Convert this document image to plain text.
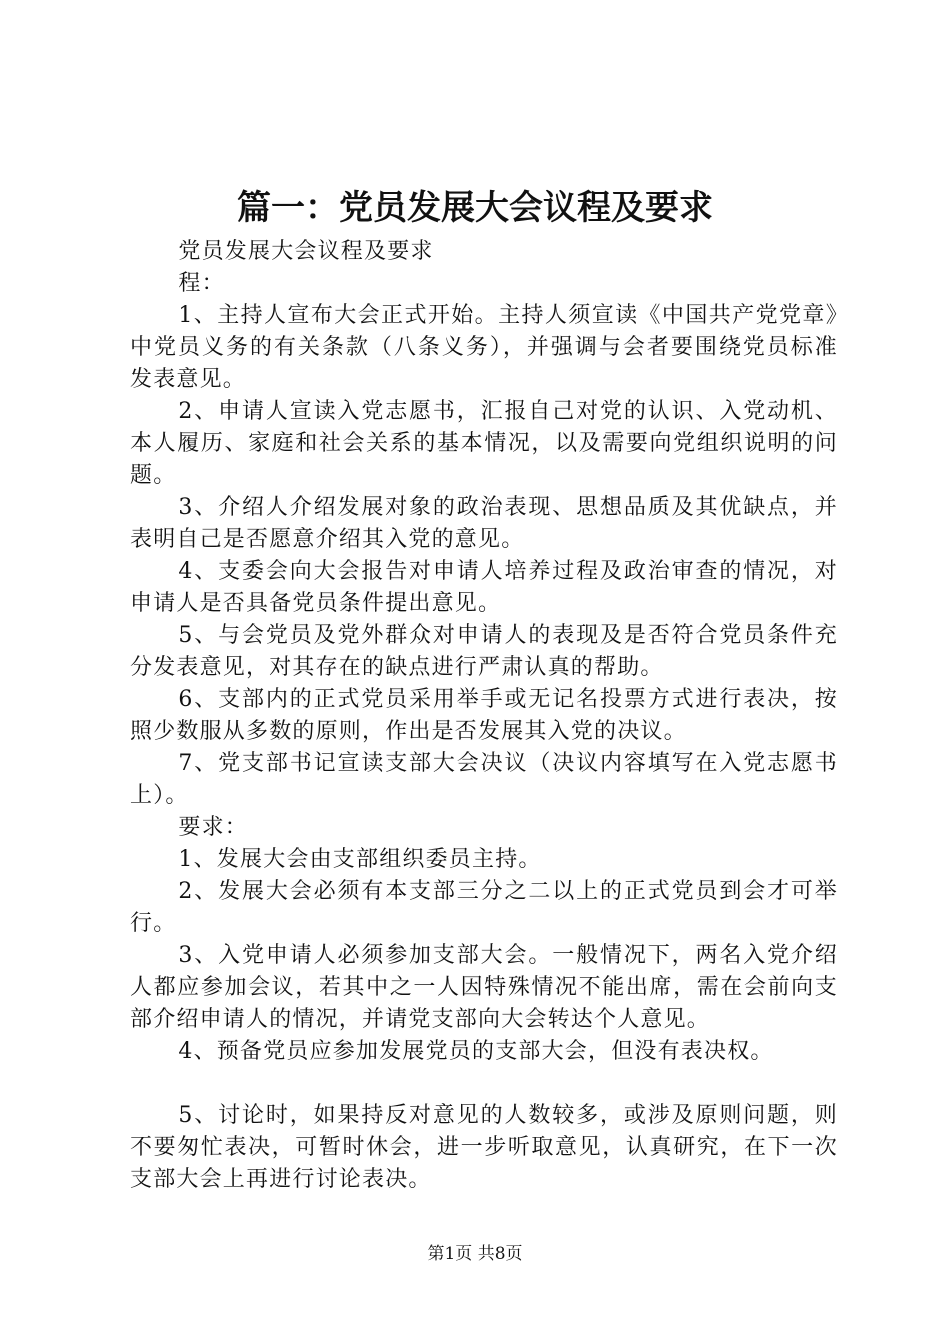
篇一：党员发展大会议程及要求

党员发展大会议程及要求

程：

1、主持人宣布大会正式开始。主持人须宣读《中国共产党党章》中党员义务的有关条款（八条义务），并强调与会者要围绕党员标准发表意见。

2、申请人宣读入党志愿书，汇报自己对党的认识、入党动机、本人履历、家庭和社会关系的基本情况，以及需要向党组织说明的问题。

3、介绍人介绍发展对象的政治表现、思想品质及其优缺点，并表明自己是否愿意介绍其入党的意见。

4、支委会向大会报告对申请人培养过程及政治审查的情况，对申请人是否具备党员条件提出意见。

5、与会党员及党外群众对申请人的表现及是否符合党员条件充分发表意见，对其存在的缺点进行严肃认真的帮助。

6、支部内的正式党员采用举手或无记名投票方式进行表决，按照少数服从多数的原则，作出是否发展其入党的决议。

7、党支部书记宣读支部大会决议（决议内容填写在入党志愿书上）。

要求：

1、发展大会由支部组织委员主持。

2、发展大会必须有本支部三分之二以上的正式党员到会才可举行。

3、入党申请人必须参加支部大会。一般情况下，两名入党介绍人都应参加会议，若其中之一人因特殊情况不能出席，需在会前向支部介绍申请人的情况，并请党支部向大会转达个人意见。

4、预备党员应参加发展党员的支部大会，但没有表决权。

5、讨论时，如果持反对意见的人数较多，或涉及原则问题，则不要匆忙表决，可暂时休会，进一步听取意见，认真研究，在下一次支部大会上再进行讨论表决。

第1页 共8页
